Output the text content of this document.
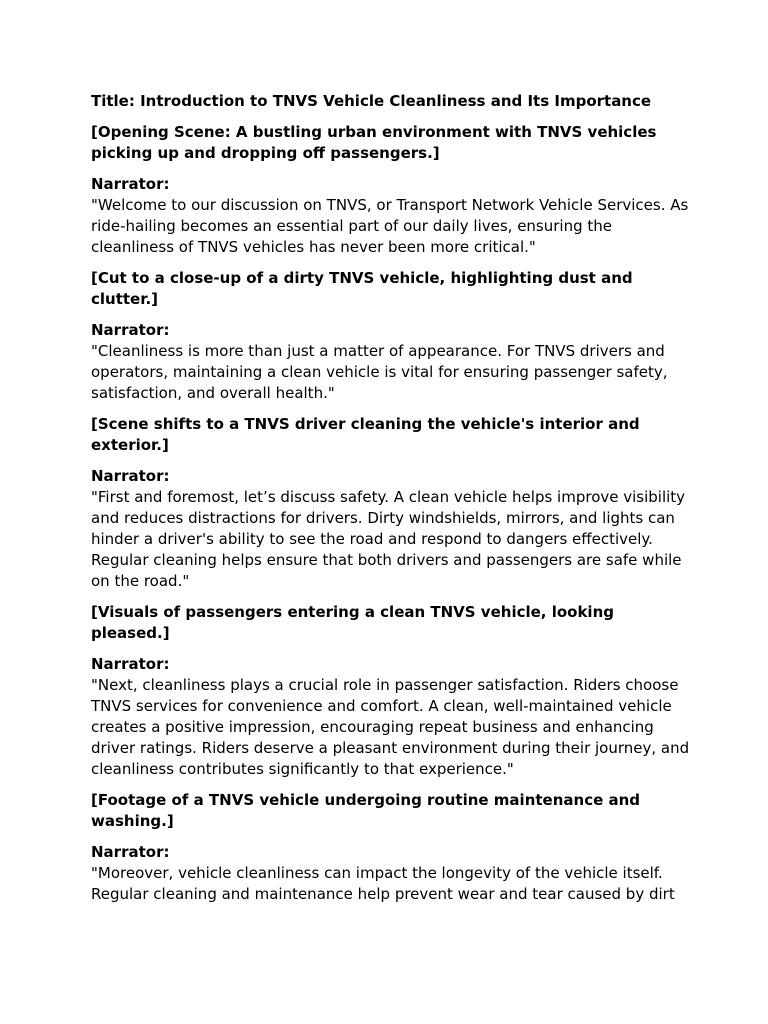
Title: Introduction to TNVS Vehicle Cleanliness and Its Importance

[Opening Scene: A bustling urban environment with TNVS vehicles picking up and dropping off passengers.]

Narrator:

"Welcome to our discussion on TNVS, or Transport Network Vehicle Services. As ride-hailing becomes an essential part of our daily lives, ensuring the cleanliness of TNVS vehicles has never been more critical."

[Cut to a close-up of a dirty TNVS vehicle, highlighting dust and clutter.]

Narrator:

"Cleanliness is more than just a matter of appearance. For TNVS drivers and operators, maintaining a clean vehicle is vital for ensuring passenger safety, satisfaction, and overall health."

[Scene shifts to a TNVS driver cleaning the vehicle's interior and exterior.]

Narrator:

"First and foremost, let’s discuss safety. A clean vehicle helps improve visibility and reduces distractions for drivers. Dirty windshields, mirrors, and lights can hinder a driver's ability to see the road and respond to dangers effectively. Regular cleaning helps ensure that both drivers and passengers are safe while on the road."

[Visuals of passengers entering a clean TNVS vehicle, looking pleased.]

Narrator:

"Next, cleanliness plays a crucial role in passenger satisfaction. Riders choose TNVS services for convenience and comfort. A clean, well-maintained vehicle creates a positive impression, encouraging repeat business and enhancing driver ratings. Riders deserve a pleasant environment during their journey, and cleanliness contributes significantly to that experience."

[Footage of a TNVS vehicle undergoing routine maintenance and washing.]

Narrator:

"Moreover, vehicle cleanliness can impact the longevity of the vehicle itself. Regular cleaning and maintenance help prevent wear and tear caused by dirt
